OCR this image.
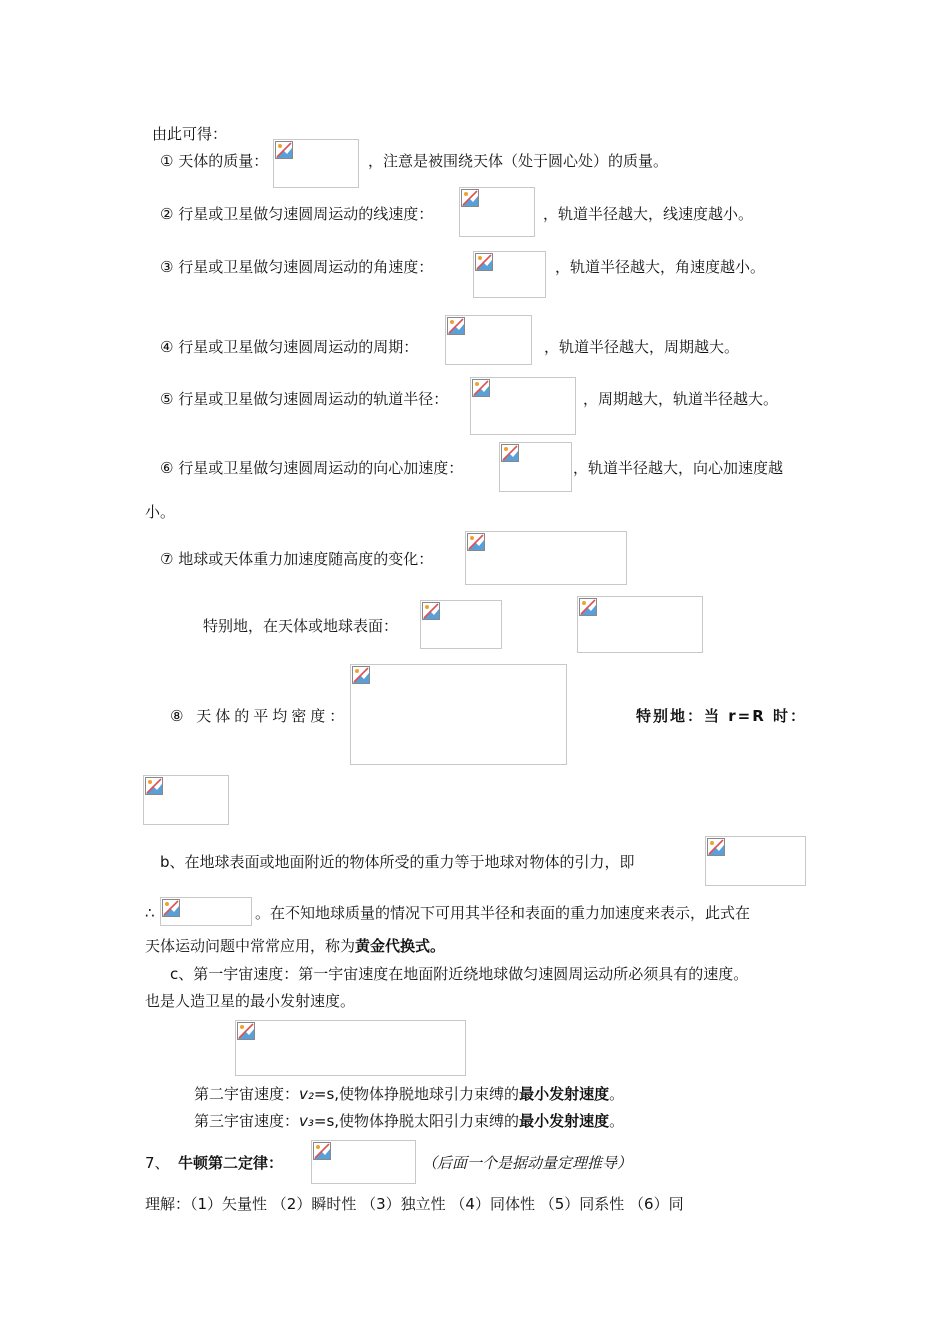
由此可得：
① 天体的质量：	，注意是被围绕天体（处于圆心处）的质量。
② 行星或卫星做匀速圆周运动的线速度：	，轨道半径越大，线速度越小。
③ 行星或卫星做匀速圆周运动的角速度：	，轨道半径越大，角速度越小。
④ 行星或卫星做匀速圆周运动的周期：	，轨道半径越大，周期越大。
⑤ 行星或卫星做匀速圆周运动的轨道半径：	，周期越大，轨道半径越大。
⑥ 行星或卫星做匀速圆周运动的向心加速度：	，轨道半径越大，向心加速度越
小。
⑦ 地球或天体重力加速度随高度的变化：
特别地，在天体或地球表面：
⑧ 天体的平均密度：	特别地：当 r=R 时：
b、在地球表面或地面附近的物体所受的重力等于地球对物体的引力，即
∴	。在不知地球质量的情况下可用其半径和表面的重力加速度来表示，此式在
天体运动问题中常常应用，称为黄金代换式。
c、第一宇宙速度：第一宇宙速度在地面附近绕地球做匀速圆周运动所必须具有的速度。
也是人造卫星的最小发射速度。
第二宇宙速度：v₂=s,使物体挣脱地球引力束缚的最小发射速度。
第三宇宙速度：v₃=s,使物体挣脱太阳引力束缚的最小发射速度。
7、 牛顿第二定律：	（后面一个是据动量定理推导）
理解：（1）矢量性 （2）瞬时性 （3）独立性 （4）同体性 （5）同系性 （6）同
